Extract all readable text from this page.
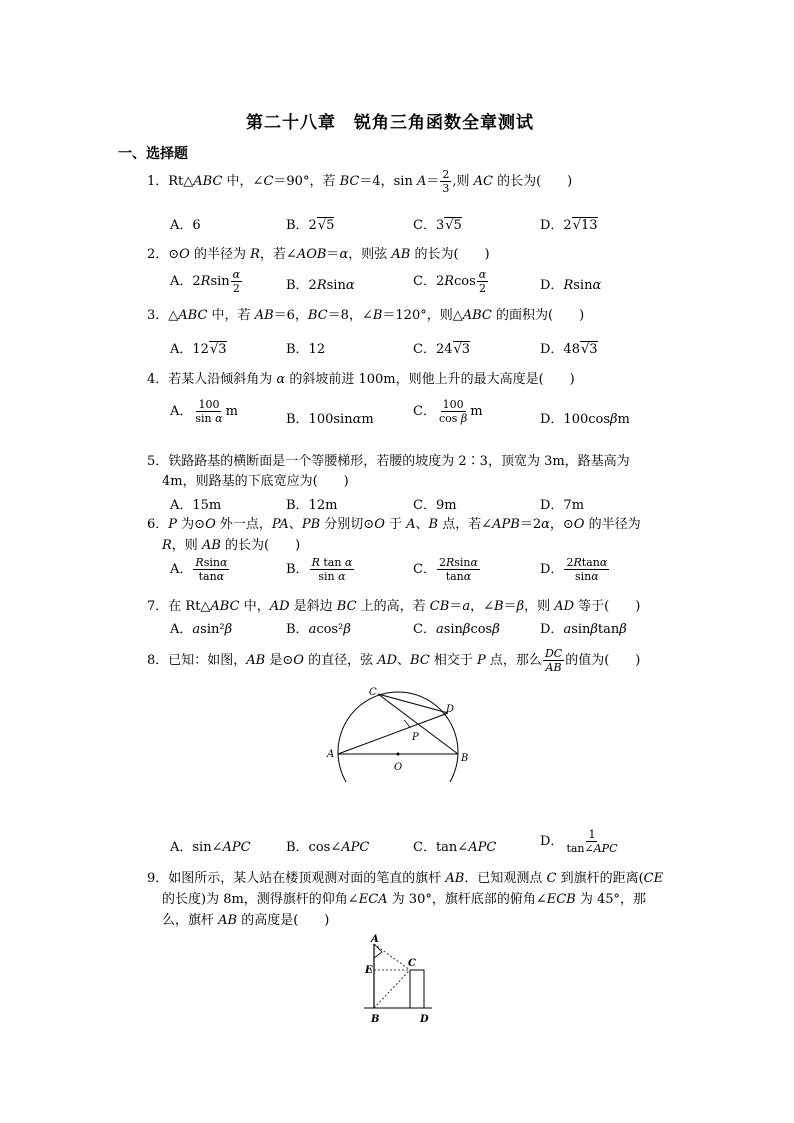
第二十八章　锐角三角函数全章测试
一、选择题
1．Rt△ABC 中，∠C＝90°，若 BC＝4，$\sin A= \frac{2}{3}$ ,则 AC 的长为(　　)
A．6	B．2√5	C．3√5	D．2√13
2．⊙O 的半径为 R，若∠AOB＝α，则弦 AB 的长为(　　)
A．$2Rsin \frac{\alpha}{2}$	B．2Rsinα	C．$2Rcos \frac{\alpha}{2}$	D．Rsinα
3．△ABC 中，若 AB＝6，BC＝8，∠B＝120°，则△ABC 的面积为(　　)
A．12√3	B．12	C．24√3	D．48√3
4．若某人沿倾斜角为 α 的斜坡前进 100m，则他上升的最大高度是(　　)
A． $\frac{100}{\text{sin α}}$ m
B．100sinαm
C． $\frac{100}{\text{cos β}}$ m
D．100cosβm
5．铁路路基的横断面是一个等腰梯形，若腰的坡度为 2∶3，顶宽为 3m，路基高为
4m，则路基的下底宽应为(　　)
A．15m	B．12m	C．9m	D．7m
6．P 为⊙O 外一点，PA、PB 分别切⊙O 于 A、B 点，若∠APB＝2α，⊙O 的半径为
R，则 AB 的长为(　　)
A． $\frac{Rsin\alpha}{\tan\alpha}$	B． $\frac{\text{R tan α}}{\text{sin α}}$	C． $\frac{2Rsin\alpha}{\tan\alpha}$	D． $\frac{2Rtan\alpha}{\sin\alpha}$
7．在 Rt△ABC 中，AD 是斜边 BC 上的高，若 CB＝a，∠B＝β，则 AD 等于(　　)
A．asin²β	B．acos²β	C．asinβcosβ	D．asinβtanβ
8．已知：如图，AB 是⊙O 的直径，弦 AD、BC 相交于 P 点，那么 $\frac{DC}{AB}$ 的值为(　　)
C
D
P
A
O
B
A．sin∠APC	B．cos∠APC	C．tan∠APC	D． $\frac{1}{\text{tan∠APC}}$
9．如图所示，某人站在楼顶观测对面的笔直的旗杆 AB．已知观测点 C 到旗杆的距离(CE
的长度)为 8m，测得旗杆的仰角∠ECA 为 30°，旗杆底部的俯角∠ECB 为 45°，那
么，旗杆 AB 的高度是(　　)
A
E
C
B	D
